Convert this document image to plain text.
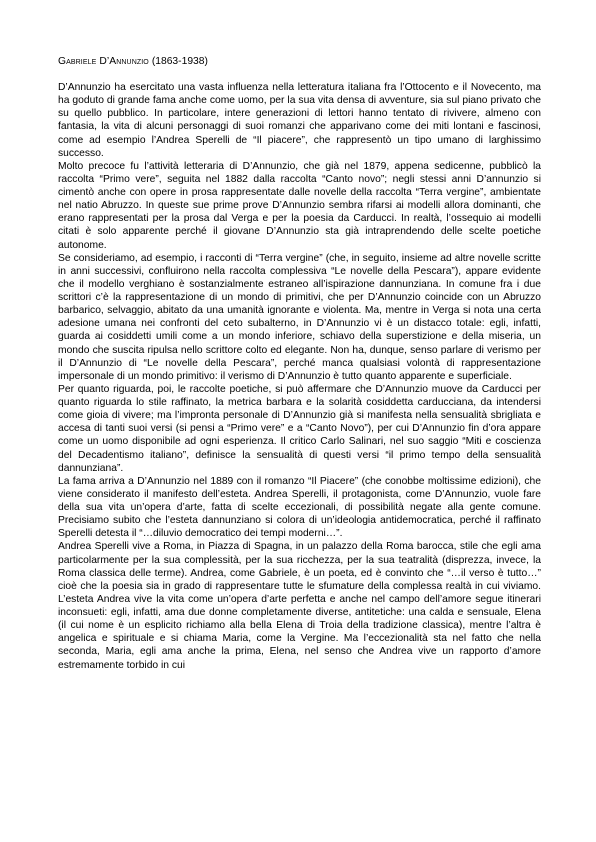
Gabriele D’Annunzio (1863-1938)

D’Annunzio ha esercitato una vasta influenza nella letteratura italiana fra l’Ottocento e il Novecento, ma ha goduto di grande fama anche come uomo, per la sua vita densa di avventure, sia sul piano privato che su quello pubblico. In particolare, intere generazioni di lettori hanno tentato di rivivere, almeno con fantasia, la vita di alcuni personaggi di suoi romanzi che apparivano come dei miti lontani e fascinosi, come ad esempio l’Andrea Sperelli de “Il piacere”, che rappresentò un tipo umano di larghissimo successo.

Molto precoce fu l’attività letteraria di D’Annunzio, che già nel 1879, appena sedicenne, pubblicò la raccolta “Primo vere”, seguita nel 1882 dalla raccolta “Canto novo”; negli stessi anni D’annunzio si cimentò anche con opere in prosa rappresentate dalle novelle della raccolta “Terra vergine”, ambientate nel natio Abruzzo. In queste sue prime prove D’Annunzio sembra rifarsi ai modelli allora dominanti, che erano rappresentati per la prosa dal Verga e per la poesia da Carducci. In realtà, l’ossequio ai modelli citati è solo apparente perché il giovane D’Annunzio sta già intraprendendo delle scelte poetiche autonome.

Se consideriamo, ad esempio, i racconti di “Terra vergine” (che, in seguito, insieme ad altre novelle scritte in anni successivi, confluirono nella raccolta complessiva “Le novelle della Pescara”), appare evidente che il modello verghiano è sostanzialmente estraneo all’ispirazione dannunziana. In comune fra i due scrittori c’è la rappresentazione di un mondo di primitivi, che per D’Annunzio coincide con un Abruzzo barbarico, selvaggio, abitato da una umanità ignorante e violenta. Ma, mentre in Verga si nota una certa adesione umana nei confronti del ceto subalterno, in D’Annunzio vi è un distacco totale: egli, infatti, guarda ai cosiddetti umili come a un mondo inferiore, schiavo della superstizione e della miseria, un mondo che suscita ripulsa nello scrittore colto ed elegante. Non ha, dunque, senso parlare di verismo per il D’Annunzio di “Le novelle della Pescara”, perché manca qualsiasi volontà di rappresentazione impersonale di un mondo primitivo: il verismo di D’Annunzio è tutto quanto apparente e superficiale.

Per quanto riguarda, poi, le raccolte poetiche, si può affermare che D’Annunzio muove da Carducci per quanto riguarda lo stile raffinato, la metrica barbara e la solarità cosiddetta carducciana, da intendersi come gioia di vivere; ma l’impronta personale di D’Annunzio già si manifesta nella sensualità sbrigliata e accesa di tanti suoi versi (si pensi a “Primo vere” e a “Canto Novo”), per cui D’Annunzio fin d’ora appare come un uomo disponibile ad ogni esperienza. Il critico Carlo Salinari, nel suo saggio “Miti e coscienza del Decadentismo italiano”, definisce la sensualità di questi versi “il primo tempo della sensualità dannunziana”.

La fama arriva a D’Annunzio nel 1889 con il romanzo “Il Piacere” (che conobbe moltissime edizioni), che viene considerato il manifesto dell’esteta. Andrea Sperelli, il protagonista, come D’Annunzio, vuole fare della sua vita un’opera d’arte, fatta di scelte eccezionali, di possibilità negate alla gente comune. Precisiamo subito che l’esteta dannunziano si colora di un’ideologia antidemocratica, perché il raffinato Sperelli detesta il “…diluvio democratico dei tempi moderni…”.

Andrea Sperelli vive a Roma, in Piazza di Spagna, in un palazzo della Roma barocca, stile che egli ama particolarmente per la sua complessità, per la sua ricchezza, per la sua teatralità (disprezza, invece, la Roma classica delle terme). Andrea, come Gabriele, è un poeta, ed è convinto che “…il verso è tutto…” cioè che la poesia sia in grado di rappresentare tutte le sfumature della complessa realtà in cui viviamo. L’esteta Andrea vive la vita come un’opera d’arte perfetta e anche nel campo dell’amore segue itinerari inconsueti: egli, infatti, ama due donne completamente diverse, antitetiche: una calda e sensuale, Elena (il cui nome è un esplicito richiamo alla bella Elena di Troia della tradizione classica), mentre l’altra è angelica e spirituale e si chiama Maria, come la Vergine. Ma l’eccezionalità sta nel fatto che nella seconda, Maria, egli ama anche la prima, Elena, nel senso che Andrea vive un rapporto d’amore estremamente torbido in cui
